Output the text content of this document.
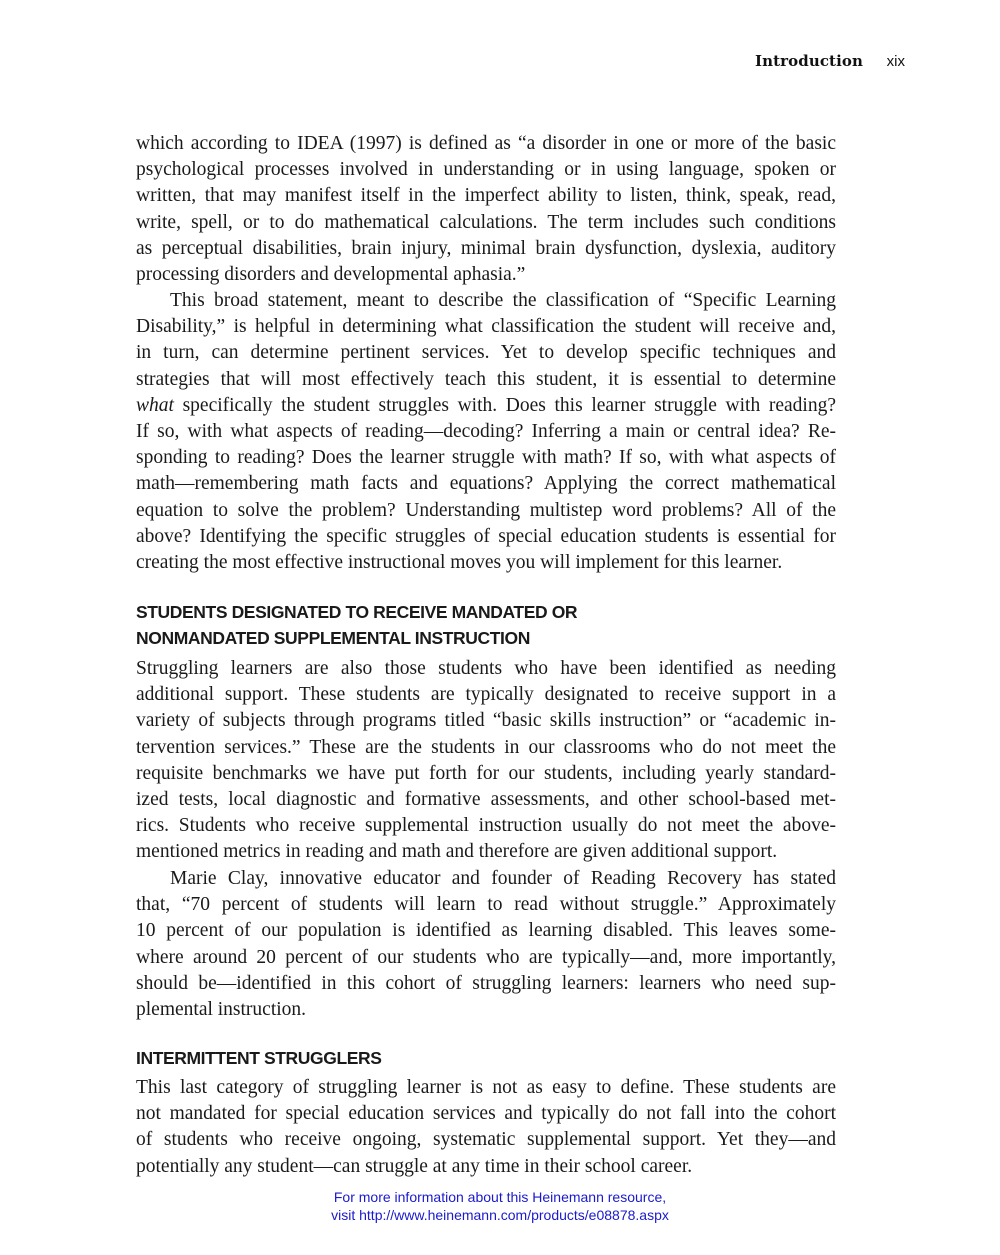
Introduction xix
which according to IDEA (1997) is defined as “a disorder in one or more of the basic
psychological processes involved in understanding or in using language, spoken or
written, that may manifest itself in the imperfect ability to listen, think, speak, read,
write, spell, or to do mathematical calculations. The term includes such conditions
as perceptual disabilities, brain injury, minimal brain dysfunction, dyslexia, auditory
processing disorders and developmental aphasia.”
This broad statement, meant to describe the classification of “Specific Learning
Disability,” is helpful in determining what classification the student will receive and,
in turn, can determine pertinent services. Yet to develop specific techniques and
strategies that will most effectively teach this student, it is essential to determine
what specifically the student struggles with. Does this learner struggle with reading?
If so, with what aspects of reading—decoding? Inferring a main or central idea? Re-
sponding to reading? Does the learner struggle with math? If so, with what aspects of
math—remembering math facts and equations? Applying the correct mathematical
equation to solve the problem? Understanding multistep word problems? All of the
above? Identifying the specific struggles of special education students is essential for
creating the most effective instructional moves you will implement for this learner.
STUDENTS DESIGNATED TO RECEIVE MANDATED OR
NONMANDATED SUPPLEMENTAL INSTRUCTION
Struggling learners are also those students who have been identified as needing
additional support. These students are typically designated to receive support in a
variety of subjects through programs titled “basic skills instruction” or “academic in-
tervention services.” These are the students in our classrooms who do not meet the
requisite benchmarks we have put forth for our students, including yearly standard-
ized tests, local diagnostic and formative assessments, and other school-based met-
rics. Students who receive supplemental instruction usually do not meet the above-
mentioned metrics in reading and math and therefore are given additional support.
Marie Clay, innovative educator and founder of Reading Recovery has stated
that, “70 percent of students will learn to read without struggle.” Approximately
10 percent of our population is identified as learning disabled. This leaves some-
where around 20 percent of our students who are typically—and, more importantly,
should be—identified in this cohort of struggling learners: learners who need sup-
plemental instruction.
INTERMITTENT STRUGGLERS
This last category of struggling learner is not as easy to define. These students are
not mandated for special education services and typically do not fall into the cohort
of students who receive ongoing, systematic supplemental support. Yet they—and
potentially any student—can struggle at any time in their school career.
For more information about this Heinemann resource,
visit http://www.heinemann.com/products/e08878.aspx
